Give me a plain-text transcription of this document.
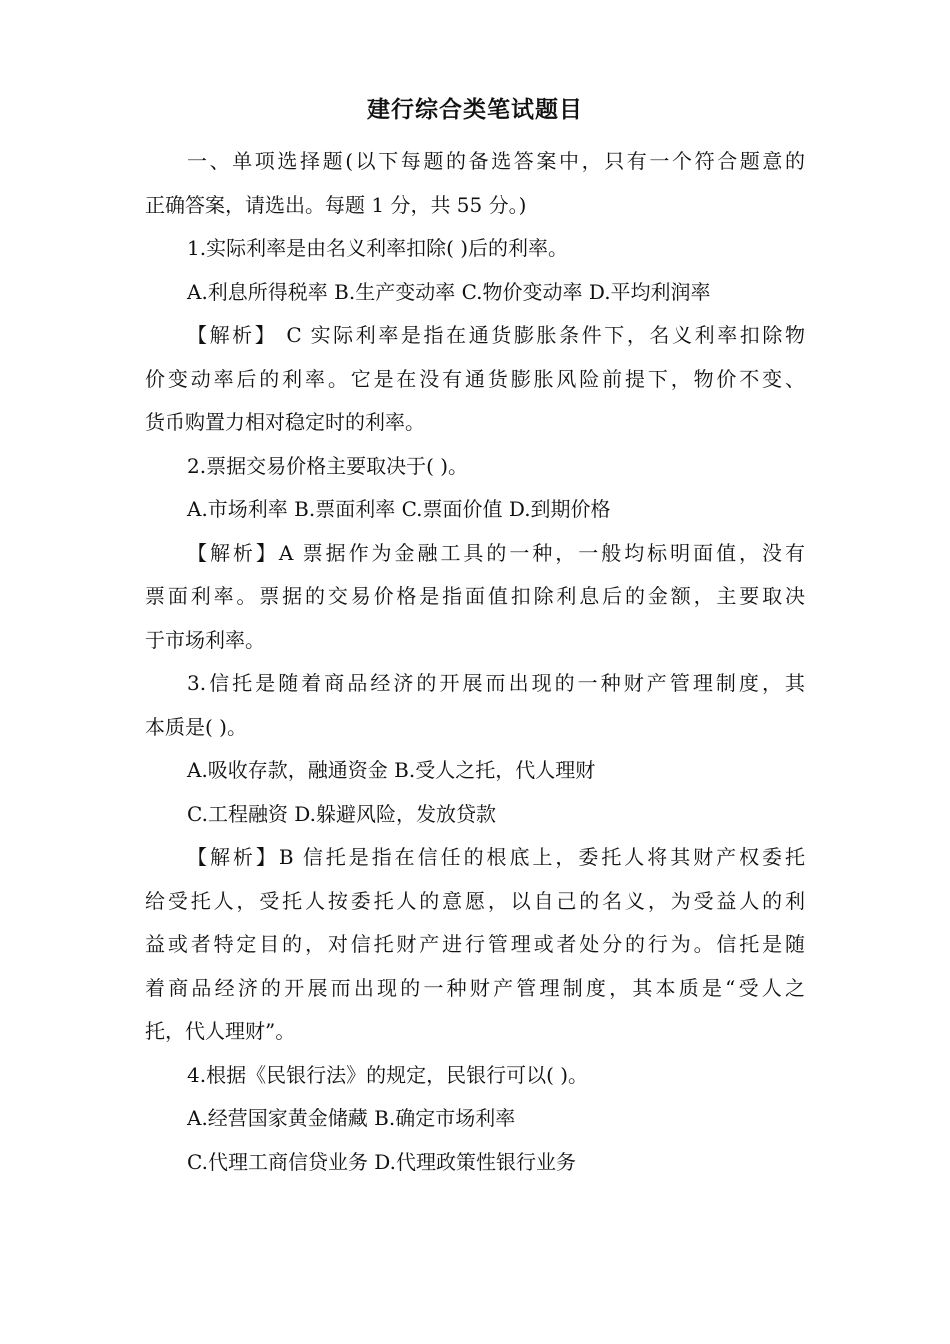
建行综合类笔试题目
一、单项选择题(以下每题的备选答案中，只有一个符合题意的
正确答案，请选出。每题 1 分，共 55 分。)
1.实际利率是由名义利率扣除( )后的利率。
A.利息所得税率 B.生产变动率 C.物价变动率 D.平均利润率
【解析】 C 实际利率是指在通货膨胀条件下，名义利率扣除物
价变动率后的利率。它是在没有通货膨胀风险前提下，物价不变、
货币购置力相对稳定时的利率。
2.票据交易价格主要取决于( )。
A.市场利率 B.票面利率 C.票面价值 D.到期价格
【解析】A 票据作为金融工具的一种，一般均标明面值，没有
票面利率。票据的交易价格是指面值扣除利息后的金额，主要取决
于市场利率。
3.信托是随着商品经济的开展而出现的一种财产管理制度，其
本质是( )。
A.吸收存款，融通资金 B.受人之托，代人理财
C.工程融资 D.躲避风险，发放贷款
【解析】B 信托是指在信任的根底上，委托人将其财产权委托
给受托人，受托人按委托人的意愿，以自己的名义，为受益人的利
益或者特定目的，对信托财产进行管理或者处分的行为。信托是随
着商品经济的开展而出现的一种财产管理制度，其本质是“受人之
托，代人理财”。
4.根据《民银行法》的规定，民银行可以( )。
A.经营国家黄金储藏 B.确定市场利率
C.代理工商信贷业务 D.代理政策性银行业务
